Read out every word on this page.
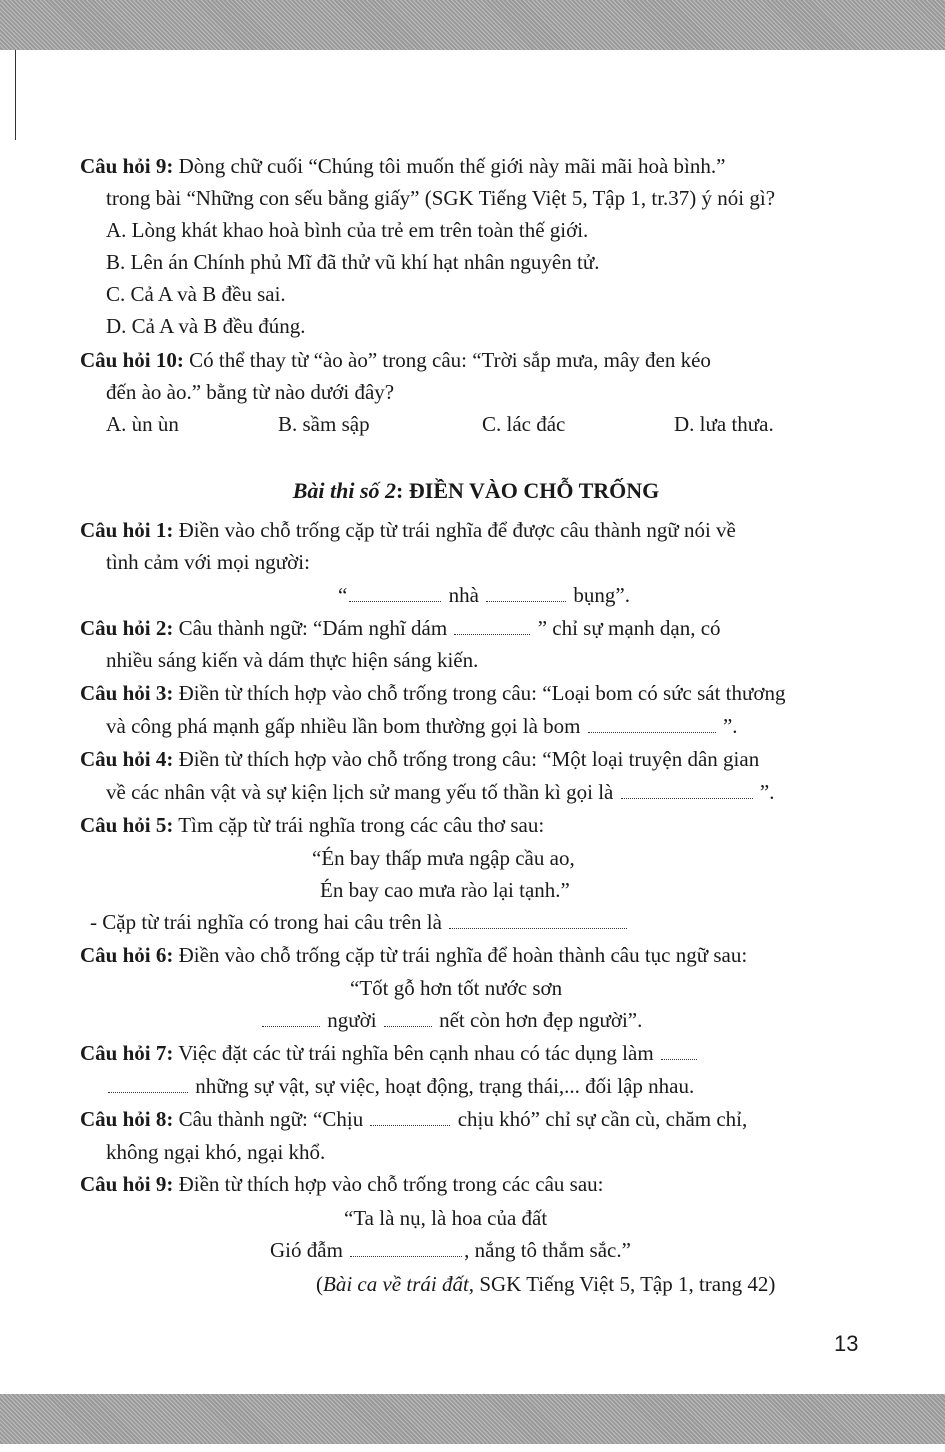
Câu hỏi 9: Dòng chữ cuối “Chúng tôi muốn thế giới này mãi mãi hoà bình.”
trong bài “Những con sếu bằng giấy” (SGK Tiếng Việt 5, Tập 1, tr.37) ý nói gì?
A. Lòng khát khao hoà bình của trẻ em trên toàn thế giới.
B. Lên án Chính phủ Mĩ đã thử vũ khí hạt nhân nguyên tử.
C. Cả A và B đều sai.
D. Cả A và B đều đúng.
Câu hỏi 10: Có thể thay từ “ào ào” trong câu: “Trời sắp mưa, mây đen kéo
đến ào ào.” bằng từ nào dưới đây?
A. ùn ùn	B. sầm sập	C. lác đác	D. lưa thưa.
Bài thi số 2: ĐIỀN VÀO CHỖ TRỐNG
Câu hỏi 1: Điền vào chỗ trống cặp từ trái nghĩa để được câu thành ngữ nói về
tình cảm với mọi người:
“	nhà	bụng”.
Câu hỏi 2: Câu thành ngữ: “Dám nghĩ dám	” chỉ sự mạnh dạn, có
nhiều sáng kiến và dám thực hiện sáng kiến.
Câu hỏi 3: Điền từ thích hợp vào chỗ trống trong câu: “Loại bom có sức sát thương
và công phá mạnh gấp nhiều lần bom thường gọi là bom	”.
Câu hỏi 4: Điền từ thích hợp vào chỗ trống trong câu: “Một loại truyện dân gian
về các nhân vật và sự kiện lịch sử mang yếu tố thần kì gọi là	”.
Câu hỏi 5: Tìm cặp từ trái nghĩa trong các câu thơ sau:
“Én bay thấp mưa ngập cầu ao,
Én bay cao mưa rào lại tạnh.”
- Cặp từ trái nghĩa có trong hai câu trên là
Câu hỏi 6: Điền vào chỗ trống cặp từ trái nghĩa để hoàn thành câu tục ngữ sau:
“Tốt gỗ hơn tốt nước sơn
người  nết còn hơn đẹp người”.
Câu hỏi 7: Việc đặt các từ trái nghĩa bên cạnh nhau có tác dụng làm
những sự vật, sự việc, hoạt động, trạng thái,... đối lập nhau.
Câu hỏi 8: Câu thành ngữ: “Chịu	chịu khó” chỉ sự cần cù, chăm chỉ,
không ngại khó, ngại khổ.
Câu hỏi 9: Điền từ thích hợp vào chỗ trống trong các câu sau:
“Ta là nụ, là hoa của đất
Gió đẫm	, nắng tô thắm sắc.”
(Bài ca về trái đất, SGK Tiếng Việt 5, Tập 1, trang 42)
13
